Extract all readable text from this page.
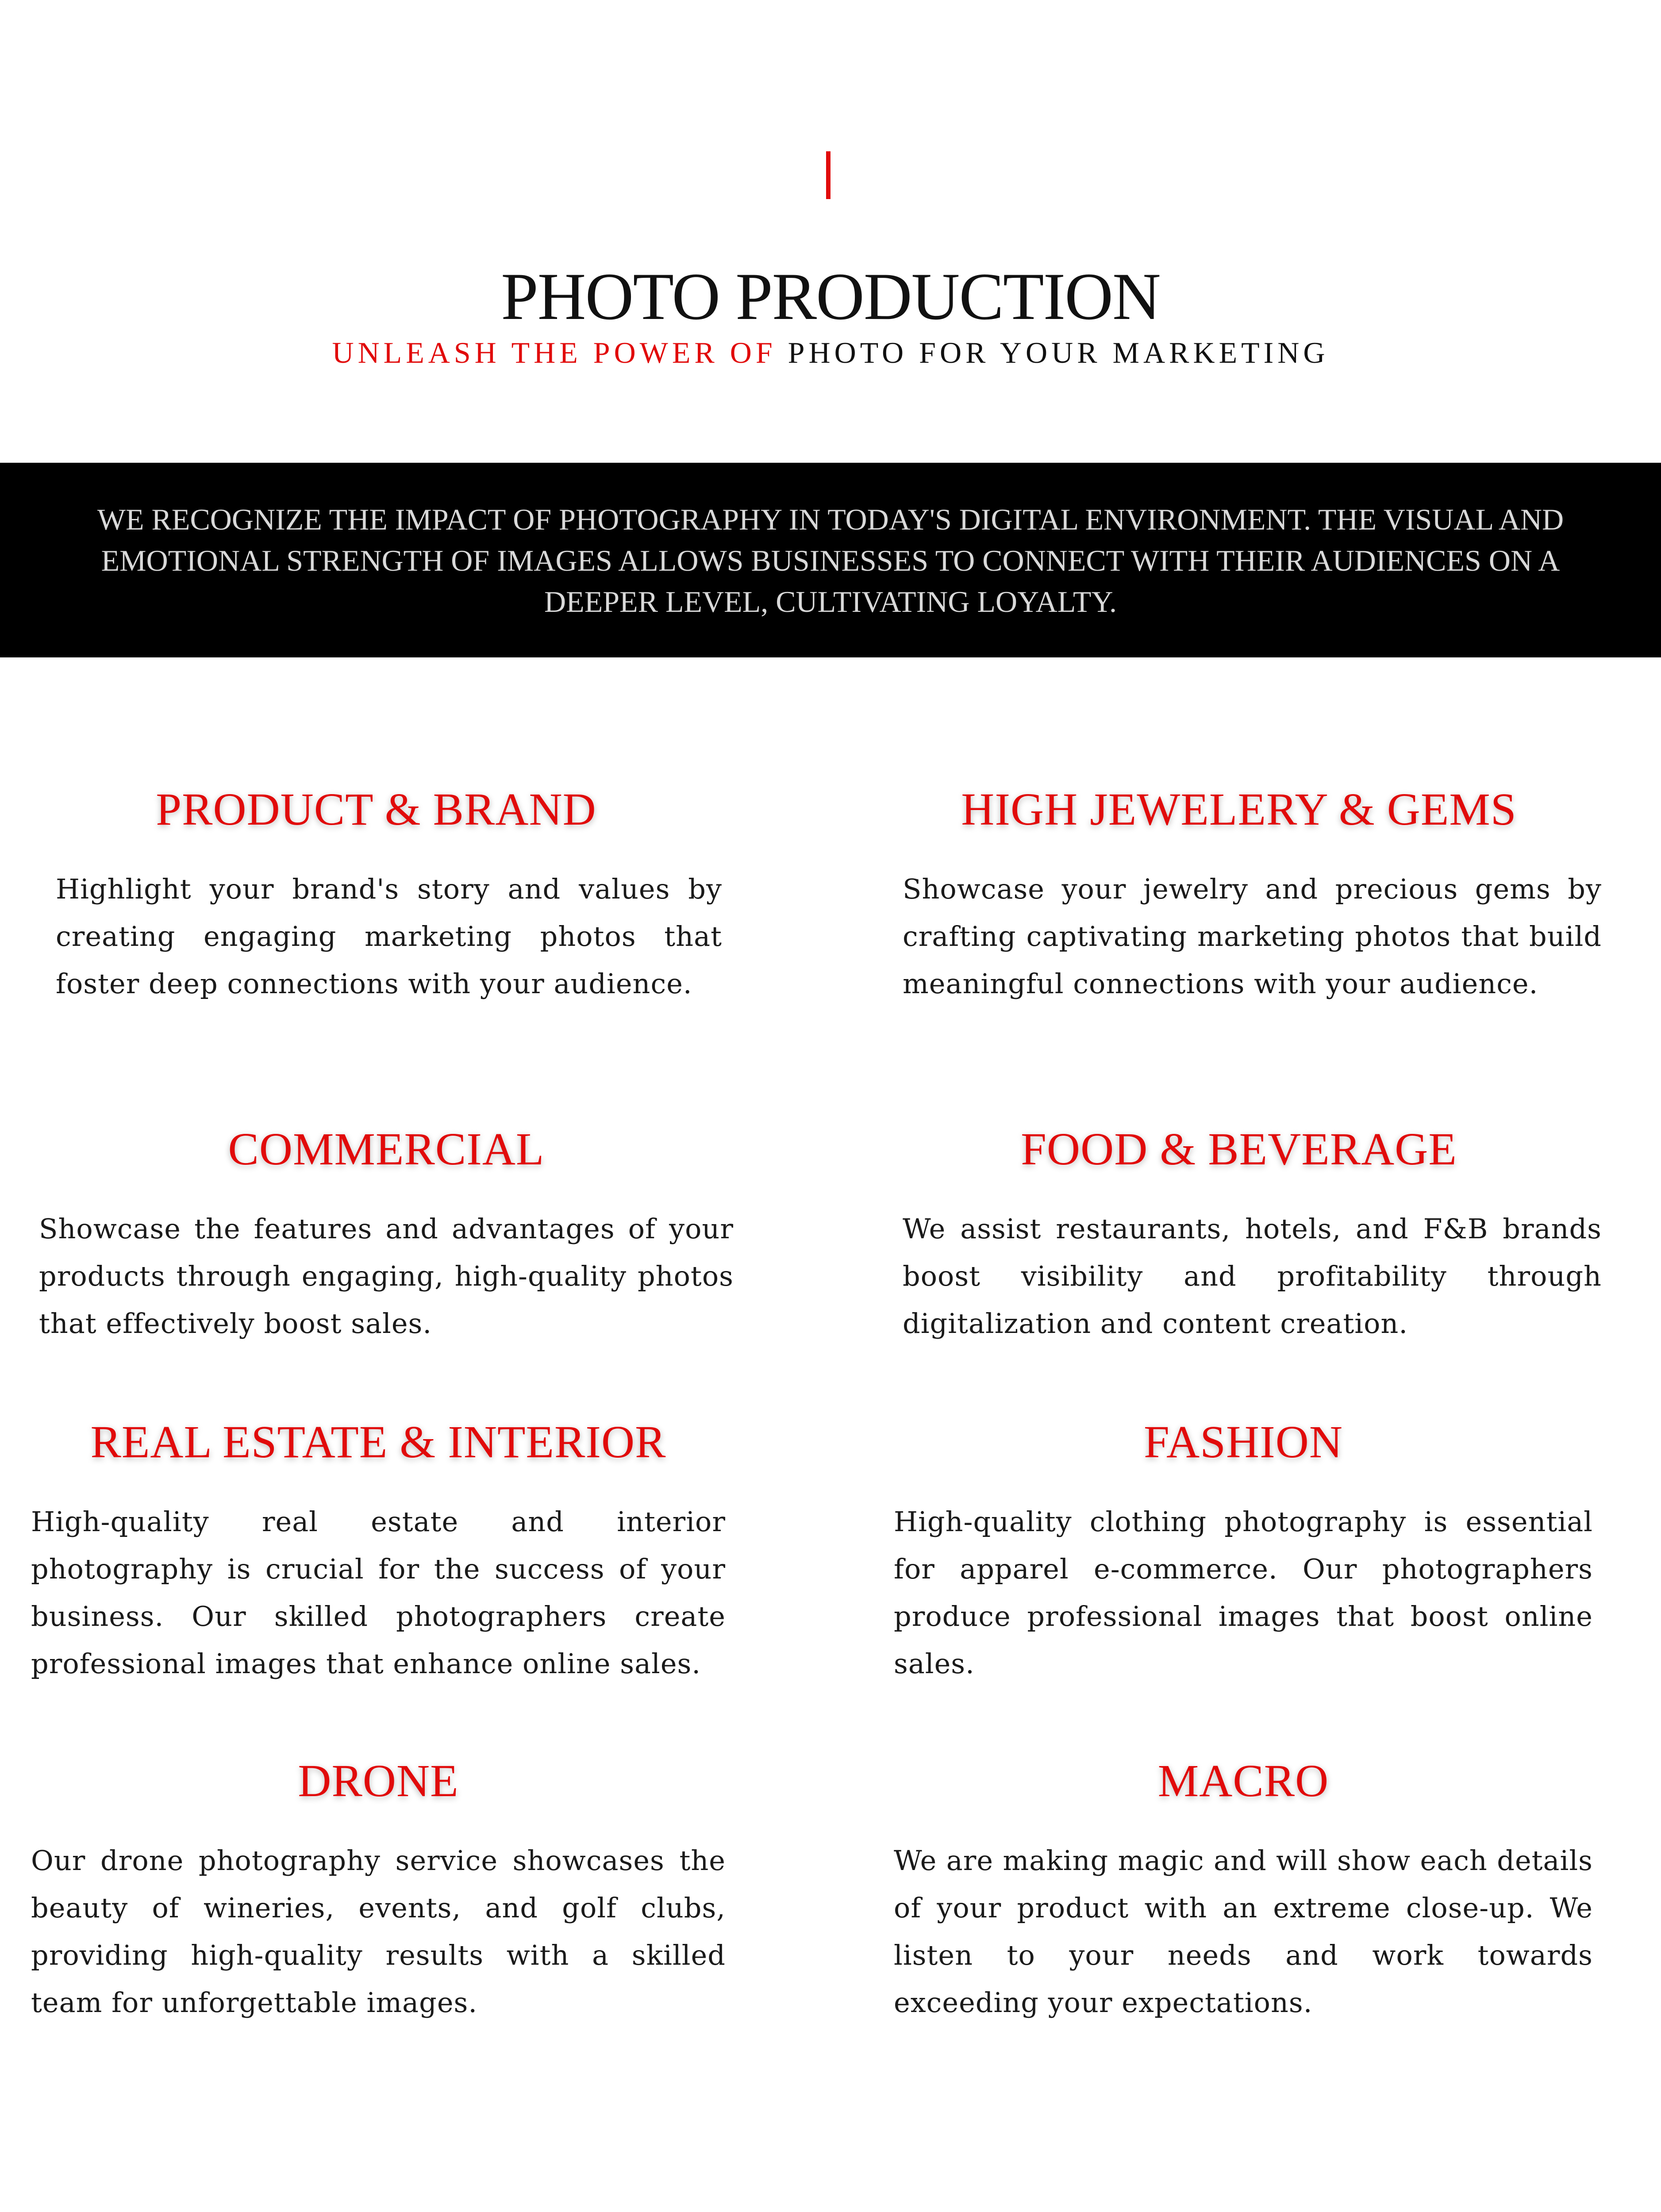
PHOTO PRODUCTION

UNLEASH THE POWER OF PHOTO FOR YOUR MARKETING

WE RECOGNIZE THE IMPACT OF PHOTOGRAPHY IN TODAY'S DIGITAL ENVIRONMENT. THE VISUAL AND EMOTIONAL STRENGTH OF IMAGES ALLOWS BUSINESSES TO CONNECT WITH THEIR AUDIENCES ON A DEEPER LEVEL, CULTIVATING LOYALTY.

PRODUCT & BRAND

Highlight your brand's story and values by creating engaging marketing photos that foster deep connections with your audience.

HIGH JEWELERY & GEMS

Showcase your jewelry and precious gems by crafting captivating marketing photos that build meaningful connections with your audience.

COMMERCIAL

Showcase the features and advantages of your products through engaging, high-quality photos that effectively boost sales.

FOOD & BEVERAGE

We assist restaurants, hotels, and F&B brands boost visibility and profitability through digitalization and content creation.

REAL ESTATE & INTERIOR

High-quality real estate and interior photography is crucial for the success of your business. Our skilled photographers create professional images that enhance online sales.

FASHION

High-quality clothing photography is essential for apparel e-commerce. Our photographers produce professional images that boost online sales.

DRONE

Our drone photography service showcases the beauty of wineries, events, and golf clubs, providing high-quality results with a skilled team for unforgettable images.

MACRO

We are making magic and will show each details of your product with an extreme close-up. We listen to your needs and work towards exceeding your expectations.
